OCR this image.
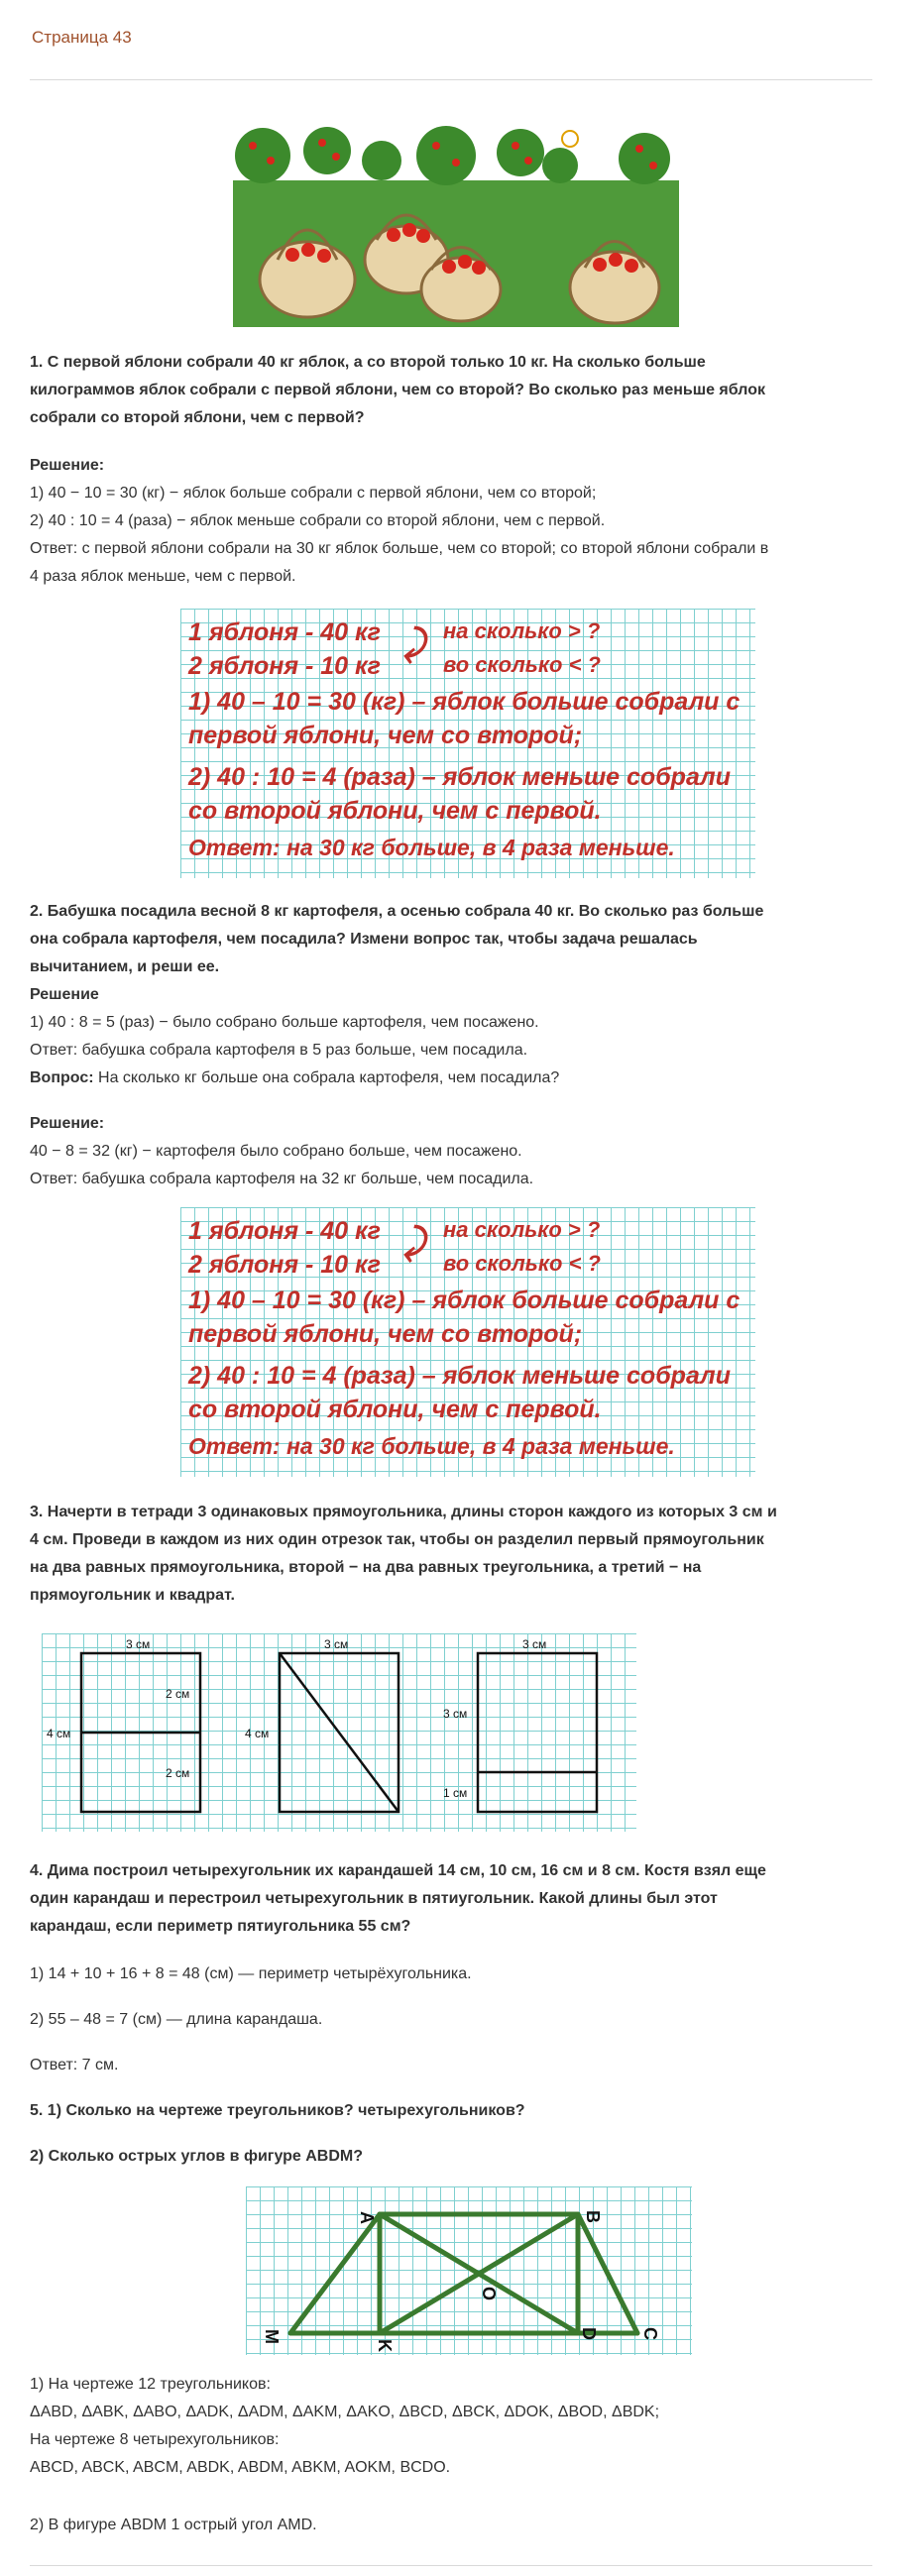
Страница 43
1. С первой яблони собрали 40 кг яблок, а со второй только 10 кг. На сколько больше
килограммов яблок собрали с первой яблони, чем со второй? Во сколько раз меньше яблок
собрали со второй яблони, чем с первой?
Решение:
1) 40 − 10 = 30 (кг) − яблок больше собрали с первой яблони, чем со второй;
2) 40 : 10 = 4 (раза) − яблок меньше собрали со второй яблони, чем с первой.
Ответ: с первой яблони собрали на 30 кг яблок больше, чем со второй; со второй яблони собрали в
4 раза яблок меньше, чем с первой.
1 яблоня - 40 кг	на сколько > ?
2 яблоня - 10 кг	во сколько < ?
⤸
1) 40 – 10 = 30 (кг) – яблок больше собрали с
первой яблони, чем со второй;
2) 40 : 10 = 4 (раза) – яблок меньше собрали
со второй яблони, чем с первой.
Ответ: на 30 кг больше, в 4 раза меньше.
2. Бабушка посадила весной 8 кг картофеля, а осенью собрала 40 кг. Во сколько раз больше
она собрала картофеля, чем посадила? Измени вопрос так, чтобы задача решалась
вычитанием, и реши ее.
Решение
1) 40 : 8 = 5 (раз) − было собрано больше картофеля, чем посажено.
Ответ: бабушка собрала картофеля в 5 раз больше, чем посадила.
Вопрос: На сколько кг больше она собрала картофеля, чем посадила?
Решение:
40 − 8 = 32 (кг) − картофеля было собрано больше, чем посажено.
Ответ: бабушка собрала картофеля на 32 кг больше, чем посадила.
1 яблоня - 40 кг	на сколько > ?
2 яблоня - 10 кг	во сколько < ?
⤸
1) 40 – 10 = 30 (кг) – яблок больше собрали с
первой яблони, чем со второй;
2) 40 : 10 = 4 (раза) – яблок меньше собрали
со второй яблони, чем с первой.
Ответ: на 30 кг больше, в 4 раза меньше.
3. Начерти в тетради 3 одинаковых прямоугольника, длины сторон каждого из которых 3 см и
4 см. Проведи в каждом из них один отрезок так, чтобы он разделил первый прямоугольник
на два равных прямоугольника, второй − на два равных треугольника, а третий − на
прямоугольник и квадрат.
3 см
2 см
2 см
4 см
3 см
4 см
3 см
3 см
1 см
4. Дима построил четырехугольник их карандашей 14 см, 10 см, 16 см и 8 см. Костя взял еще
один карандаш и перестроил четырехугольник в пятиугольник. Какой длины был этот
карандаш, если периметр пятиугольника 55 см?
1) 14 + 10 + 16 + 8 = 48 (см) — периметр четырёхугольника.
2) 55 – 48 = 7 (см) — длина карандаша.
Ответ: 7 см.
5. 1) Сколько на чертеже треугольников? четырехугольников?
2) Сколько острых углов в фигуре ABDM?
A	B
M
K
O
D C
1) На чертеже 12 треугольников:
ΔABD, ΔABK, ΔABO, ΔADK, ΔADM, ΔAKM, ΔAKO, ΔBCD, ΔBCK, ΔDOK, ΔBOD, ΔBDK;
На чертеже 8 четырехугольников:
ABCD, ABCK, ABCM, ABDK, ABDM, ABKM, AOKM, BCDO.
2) В фигуре ABDM 1 острый угол AMD.
